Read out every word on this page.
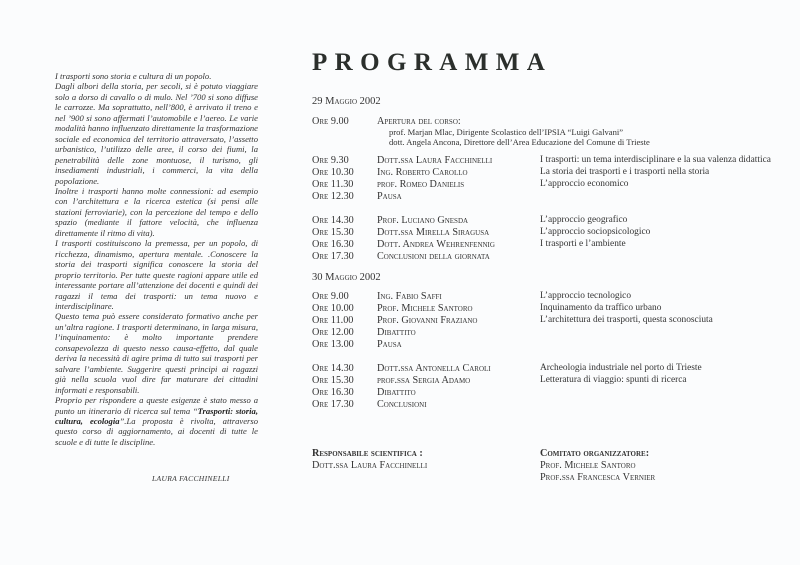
I trasporti sono storia e cultura di un popolo.

Dagli albori della storia, per secoli, si è potuto viaggiare solo a dorso di cavallo o di mulo. Nel ’700 si sono diffuse le carrozze. Ma soprattutto, nell’800, è arrivato il treno e nel ’900 si sono affermati l’automobile e l’aereo. Le varie modalità hanno influenzato direttamente la trasformazione sociale ed economica del territorio attraversato, l’assetto urbanistico, l’utilizzo delle aree, il corso dei fiumi, la penetrabilità delle zone montuose, il turismo, gli insediamenti industriali, i commerci, la vita della popolazione.

Inoltre i trasporti hanno molte connessioni: ad esempio con l’architettura e la ricerca estetica (si pensi alle stazioni ferroviarie), con la percezione del tempo e dello spazio (mediante il fattore velocità, che influenza direttamente il ritmo di vita).

I trasporti costituiscono la premessa, per un popolo, di ricchezza, dinamismo, apertura mentale. .Conoscere la storia dei trasporti significa conoscere la storia del proprio territorio. Per tutte queste ragioni appare utile ed interessante portare all’attenzione dei docenti e quindi dei ragazzi il tema dei trasporti: un tema nuovo e interdisciplinare.

Questo tema può essere considerato formativo anche per un’altra ragione. I trasporti determinano, in larga misura, l’inquinamento: è molto importante prendere consapevolezza di questo nesso causa-effetto, dal quale deriva la necessità di agire prima di tutto sui trasporti per salvare l’ambiente. Suggerire questi principi ai ragazzi già nella scuola vuol dire far maturare dei cittadini informati e responsabili.

Proprio per rispondere a queste esigenze è stato messo a punto un itinerario di ricerca sul tema “Trasporti: storia, cultura, ecologia”.La proposta è rivolta, attraverso questo corso di aggiornamento, ai docenti di tutte le scuole e di tutte le discipline.

LAURA FACCHINELLI
PROGRAMMA
29 Maggio 2002
Ore 9.00	Apertura del corso:
prof. Marjan Mlac, Dirigente Scolastico dell’IPSIA “Luigi Galvani”
dott. Angela Ancona, Direttore dell’Area Educazione del Comune di Trieste
Ore 9.30	Dott.ssa Laura Facchinelli	I trasporti: un tema interdisciplinare e la sua valenza didattica
Ore 10.30	Ing. Roberto Carollo	La storia dei trasporti e i trasporti nella storia
Ore 11.30	prof. Romeo Danielis	L’approccio economico
Ore 12.30	Pausa
Ore 14.30	Prof. Luciano Gnesda	L’approccio geografico
Ore 15.30	Dott.ssa Mirella Siragusa	L’approccio sociopsicologico
Ore 16.30	Dott. Andrea Wehrenfennig	I trasporti e l’ambiente
Ore 17.30	Conclusioni della giornata
30 Maggio 2002
Ore 9.00	Ing. Fabio Saffi	L’approccio tecnologico
Ore 10.00	Prof. Michele Santoro	Inquinamento da traffico urbano
Ore 11.00	Prof. Giovanni Fraziano	L’architettura dei trasporti, questa sconosciuta
Ore 12.00	Dibattito
Ore 13.00	Pausa
Ore 14.30	Dott.ssa Antonella Caroli	Archeologia industriale nel porto di Trieste
Ore 15.30	prof.ssa Sergia Adamo	Letteratura di viaggio: spunti di ricerca
Ore 16.30	Dibattito
Ore 17.30	Conclusioni
Responsabile scientifica :
Dott.ssa Laura Facchinelli
Comitato organizzatore:
Prof. Michele Santoro
Prof.ssa Francesca Vernier
